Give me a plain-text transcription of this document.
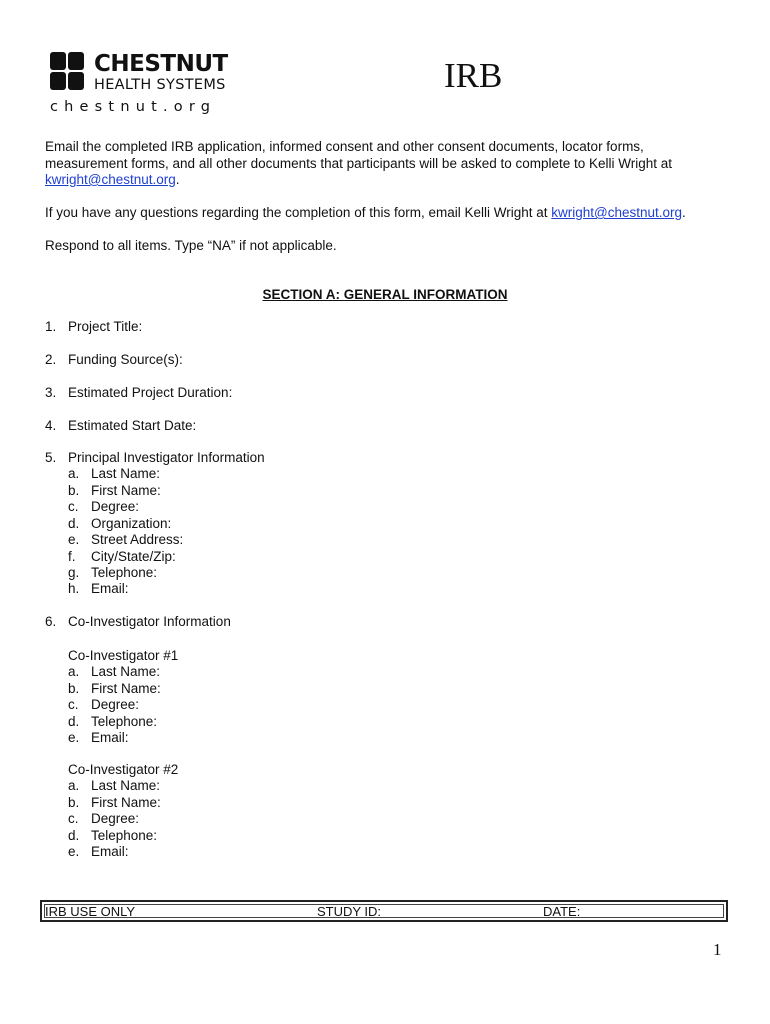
CHESTNUT
HEALTH SYSTEMS
chestnut.org
IRB
Email the completed IRB application, informed consent and other consent documents, locator forms, measurement forms, and all other documents that participants will be asked to complete to Kelli Wright at kwright@chestnut.org.
If you have any questions regarding the completion of this form, email Kelli Wright at kwright@chestnut.org.
Respond to all items. Type “NA” if not applicable.
SECTION A: GENERAL INFORMATION
1. Project Title:
2. Funding Source(s):
3. Estimated Project Duration:
4. Estimated Start Date:
5. Principal Investigator Information
a. Last Name:
b. First Name:
c. Degree:
d. Organization:
e. Street Address:
f. City/State/Zip:
g. Telephone:
h. Email:
6. Co-Investigator Information
Co-Investigator #1
a. Last Name:
b. First Name:
c. Degree:
d. Telephone:
e. Email:
Co-Investigator #2
a. Last Name:
b. First Name:
c. Degree:
d. Telephone:
e. Email:
IRB USE ONLY	STUDY ID:	DATE:
1
